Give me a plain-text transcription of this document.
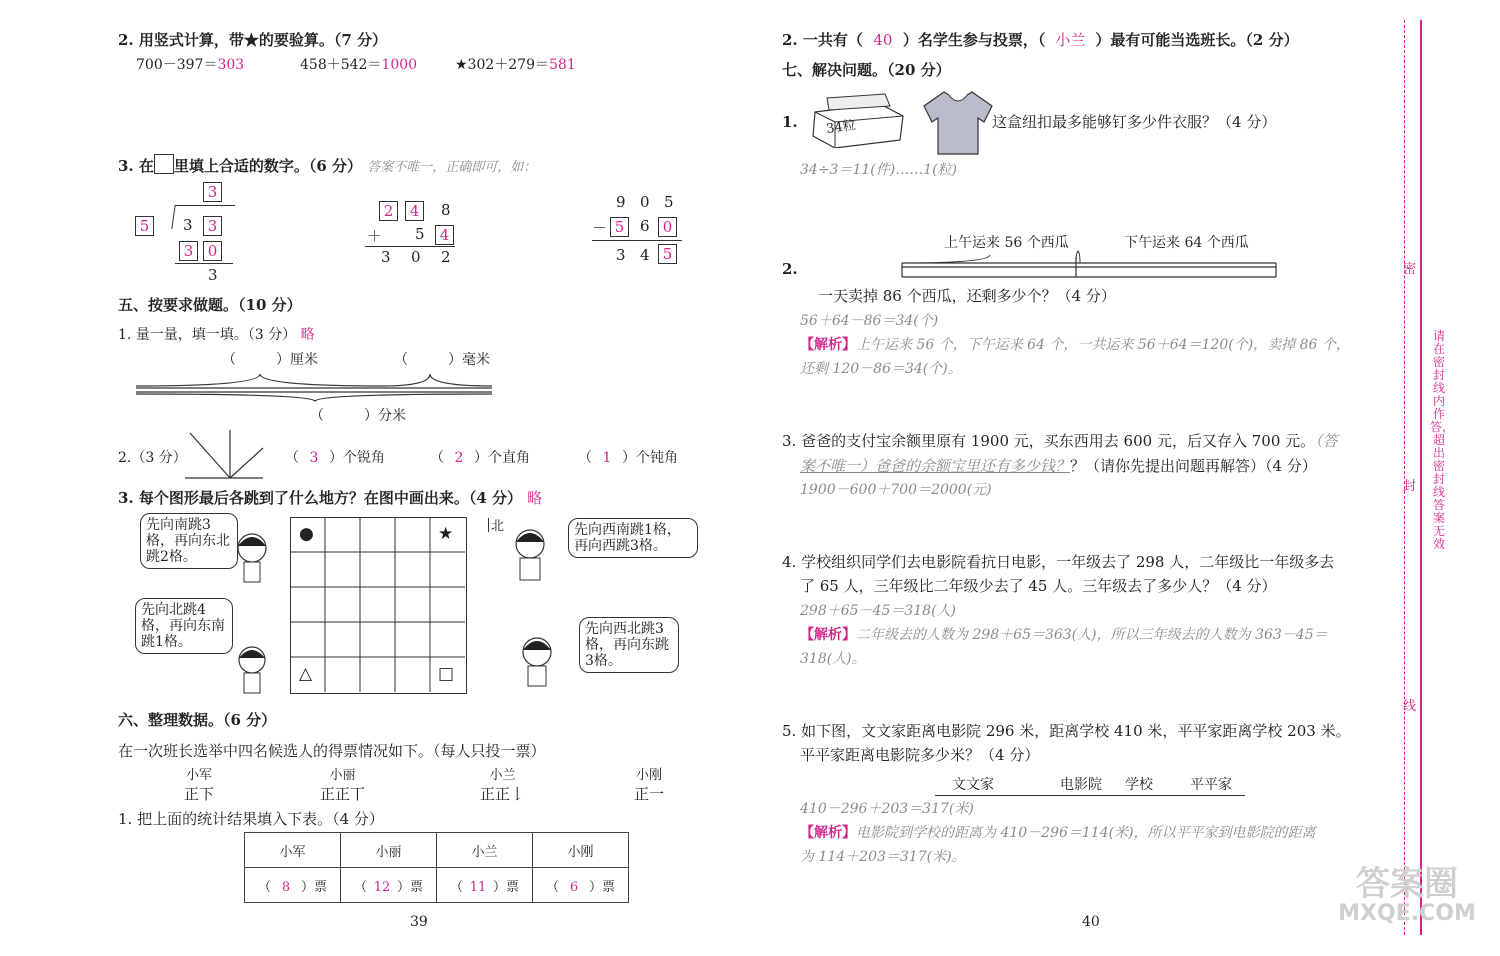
2. 用竖式计算，带★的要验算。（7 分）
700－397＝303	458＋542＝1000	★302＋279＝581
3. 在 里填上合适的数字。（6 分） 答案不唯一，正确即可，如：
3
5	3	3
3 0
3
2	4	8
＋ 5	4
3 0 2
9 0 5
－ 5	6 0
3 4 5
五、按要求做题。（10 分）
1. 量一量，填一填。（3 分） 略
（	）厘米	（	）毫米
（	）分米
2.（3 分）	（ 3 ）个锐角	（ 2 ）个直角	（ 1 ）个钝角
3. 每个图形最后各跳到了什么地方？在图中画出来。（4 分） 略
先向南跳3格，再向东北跳2格。
先向北跳4格，再向东南跳1格。
先向西南跳1格，再向西跳3格。
先向西北跳3格，再向东跳 3格。
北
●	★
△	□
六、整理数据。（6 分）
在一次班长选举中四名候选人的得票情况如下。（每人只投一票）
小军
正下
小丽
正正丅
小兰
正正𠄌
小刚
正一
1. 把上面的统计结果填入下表。（4 分）
小军	小丽	小兰	小刚
（ 8 ）票	（ 12 ）票	（ 11 ）票	（ 6 ）票
39
2. 一共有（ 40 ）名学生参与投票，（ 小兰 ）最有可能当选班长。（2 分）
七、解决问题。（20 分）
1. 34粒	这盒纽扣最多能够钉多少件衣服？（4 分）
34÷3＝11(件)……1(粒)
上午运来 56 个西瓜	下午运来 64 个西瓜
2.
一天卖掉 86 个西瓜，还剩多少个？（4 分）
56＋64－86＝34(个)
【解析】上午运来 56 个，下午运来 64 个，一共运来 56＋64＝120(个)，卖掉 86 个，
还剩 120－86＝34(个)。
3. 爸爸的支付宝余额里原有 1900 元，买东西用去 600 元，后又存入 700 元。（答
案不唯一）爸爸的余额宝里还有多少钱？？（请你先提出问题再解答）（4 分）
1900－600＋700＝2000(元)
4. 学校组织同学们去电影院看抗日电影，一年级去了 298 人，二年级比一年级多去
了 65 人，三年级比二年级少去了 45 人。三年级去了多少人？（4 分）
298＋65－45＝318(人)
【解析】二年级去的人数为 298＋65＝363(人)，所以三年级去的人数为 363－45＝
318(人)。
5. 如下图，文文家距离电影院 296 米，距离学校 410 米，平平家距离学校 203 米。
平平家距离电影院多少米？（4 分）
文文家	电影院 学校	平平家
410－296＋203＝317(米)
【解析】电影院到学校的距离为 410－296＝114(米)，所以平平家到电影院的距离
为 114＋203＝317(米)。
40
密
封
线
请在密封线内作答，超出密封线答案无效
答案圈
MXQE.COM
